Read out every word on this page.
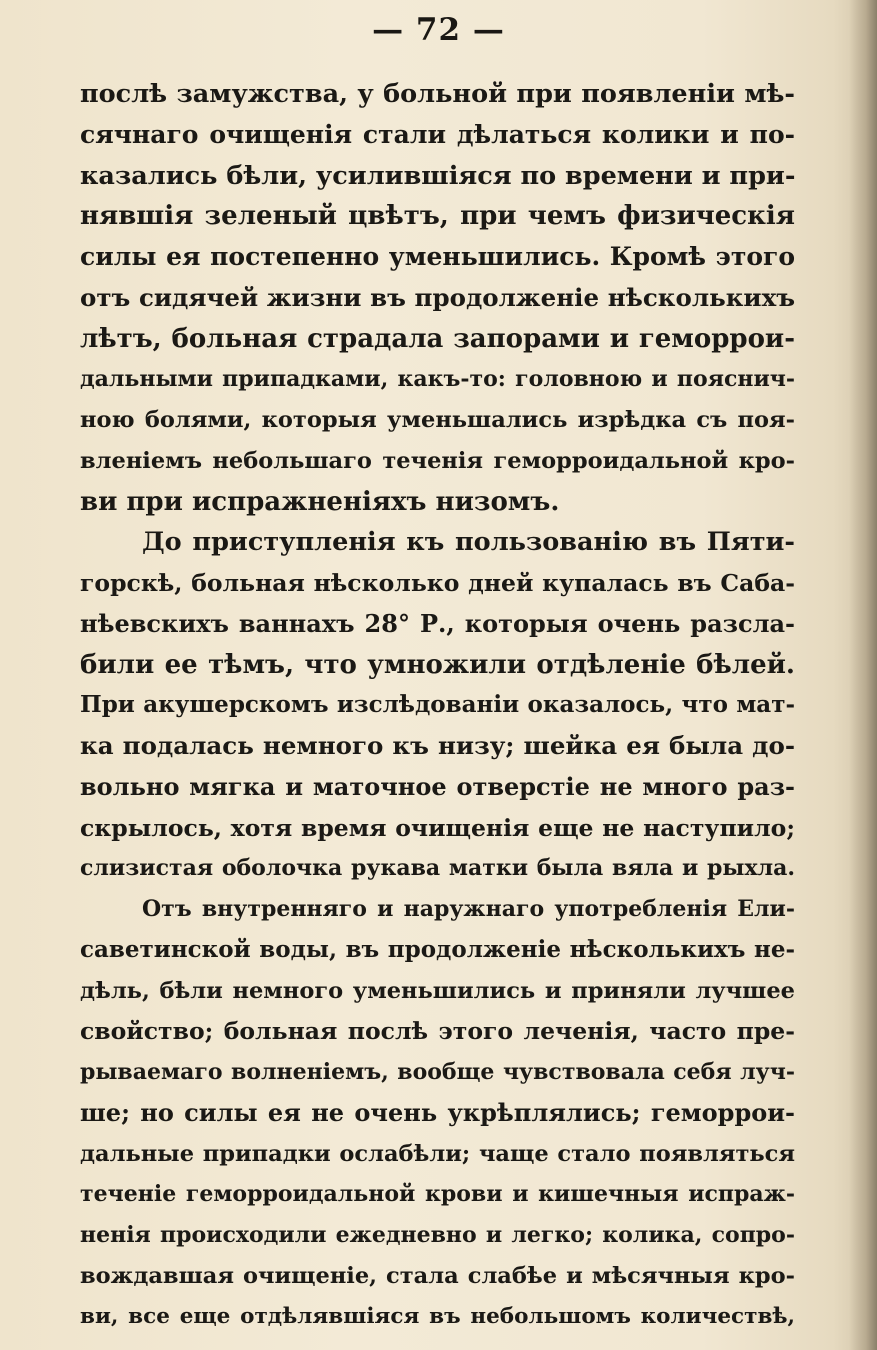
— 72 —
послѣ замужства, у больной при появленіи мѣ-
сячнаго очищенія стали дѣлаться колики и по-
казались бѣли, усилившіяся по времени и при-
нявшія зеленый цвѣтъ, при чемъ физическія
силы ея постепенно уменьшились. Кромѣ этого
отъ сидячей жизни въ продолженіе нѣсколькихъ
лѣтъ, больная страдала запорами и геморрои-
дальными припадками, какъ-то: головною и пояснич-
ною болями, которыя уменьшались изрѣдка съ поя-
вленіемъ небольшаго теченія геморроидальной кро-
ви при испражненіяхъ низомъ.
До приступленія къ пользованію въ Пяти-
горскѣ, больная нѣсколько дней купалась въ Саба-
нѣевскихъ ваннахъ 28° Р., которыя очень разсла-
били ее тѣмъ, что умножили отдѣленіе бѣлей.
При акушерскомъ изслѣдованіи оказалось, что мат-
ка подалась немного къ низу; шейка ея была до-
вольно мягка и маточное отверстіе не много раз-
скрылось, хотя время очищенія еще не наступило;
слизистая оболочка рукава матки была вяла и рыхла.
Отъ внутренняго и наружнаго употребленія Ели-
саветинской воды, въ продолженіе нѣсколькихъ не-
дѣль, бѣли немного уменьшились и приняли лучшее
свойство; больная послѣ этого леченія, часто пре-
рываемаго волненіемъ, вообще чувствовала себя луч-
ше; но силы ея не очень укрѣплялись; геморрои-
дальные припадки ослабѣли; чаще стало появляться
теченіе геморроидальной крови и кишечныя испраж-
ненія происходили ежедневно и легко; колика, сопро-
вождавшая очищеніе, стала слабѣе и мѣсячныя кро-
ви, все еще отдѣлявшіяся въ небольшомъ количествѣ,
